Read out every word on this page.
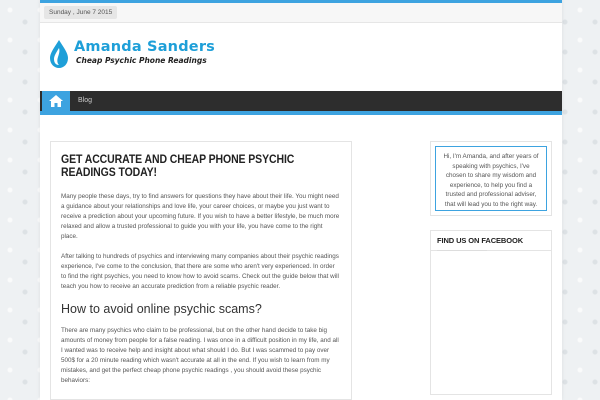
Sunday , June 7 2015
Amanda Sanders
Cheap Psychic Phone Readings
Blog
GET ACCURATE AND CHEAP PHONE PSYCHIC READINGS TODAY!

Many people these days, try to find answers for questions they have about their life. You might need a guidance about your relationships and love life, your career choices, or maybe you just want to receive a prediction about your upcoming future. If you wish to have a better lifestyle, be much more relaxed and allow a trusted professional to guide you with your life, you have come to the right place.

After talking to hundreds of psychics and interviewing many companies about their psychic readings experience, I've come to the conclusion, that there are some who aren't very experienced. In order to find the right psychics, you need to know how to avoid scams. Check out the guide below that will teach you how to receive an accurate prediction from a reliable psychic reader.

How to avoid online psychic scams?

There are many psychics who claim to be professional, but on the other hand decide to take big amounts of money from people for a false reading. I was once in a difficult position in my life, and all I wanted was to receive help and insight about what should I do. But I was scammed to pay over 500$ for a 20 minute reading which wasn't accurate at all in the end. If you wish to learn from my mistakes, and get the perfect cheap phone psychic readings , you should avoid these psychic behaviors:

Hi, I'm Amanda, and after years of speaking with psychics, I've chosen to share my wisdom and experience, to help you find a trusted and professional adviser, that will lead you to the right way.
FIND US ON FACEBOOK
